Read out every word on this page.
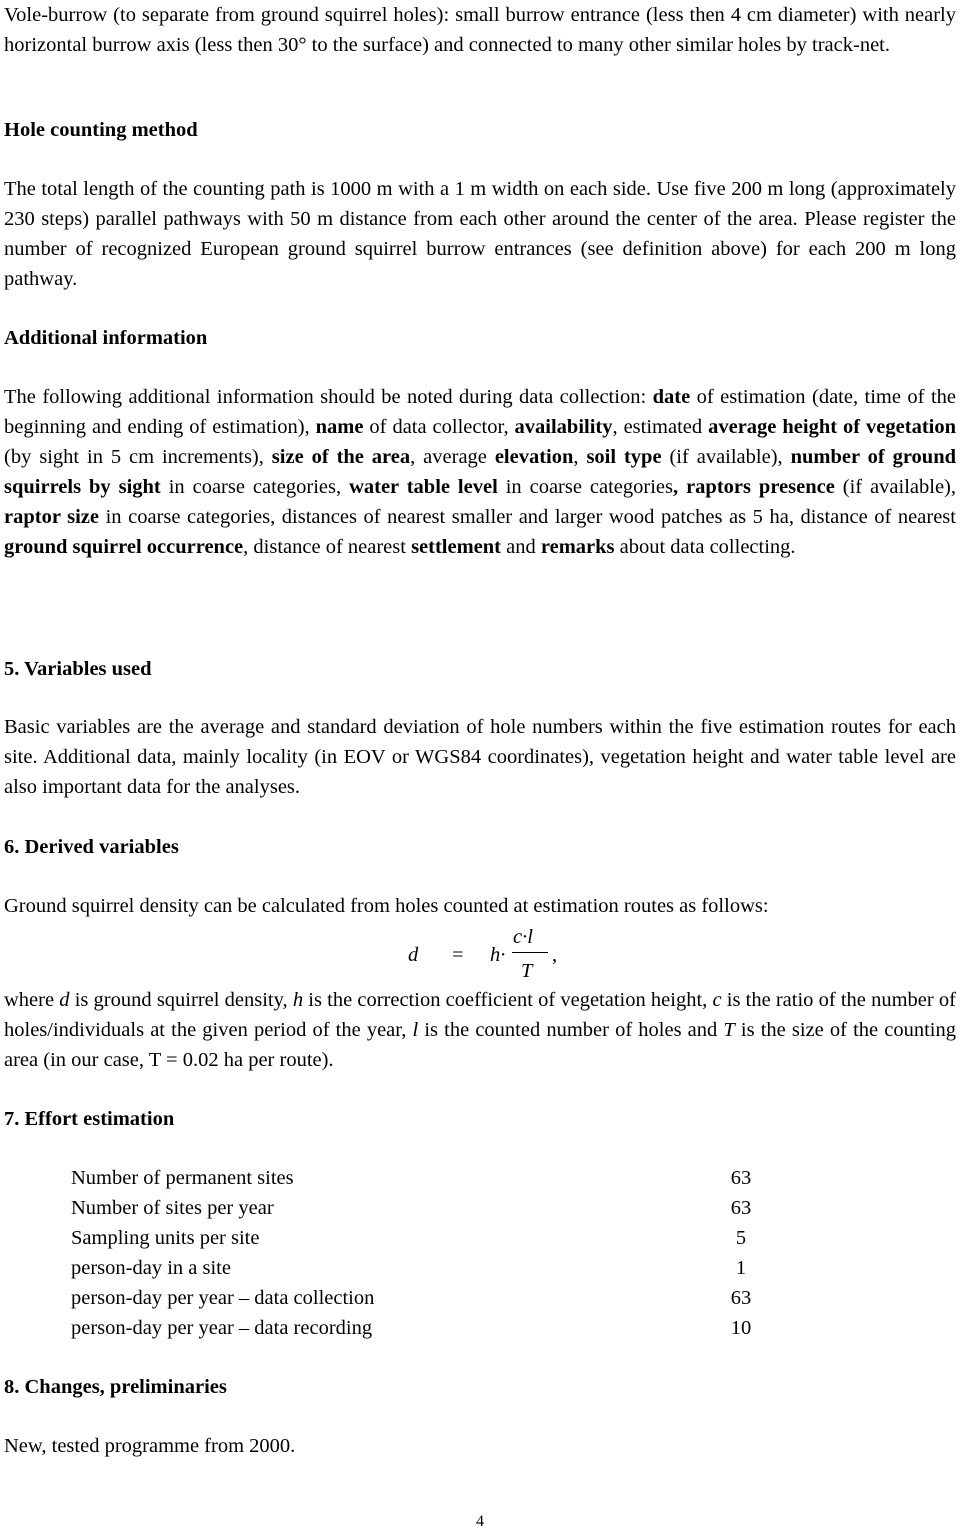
Vole-burrow (to separate from ground squirrel holes): small burrow entrance (less then 4 cm diameter) with nearly horizontal burrow axis (less then 30° to the surface) and connected to many other similar holes by track-net.

Hole counting method

The total length of the counting path is 1000 m with a 1 m width on each side. Use five 200 m long (approximately 230 steps) parallel pathways with 50 m distance from each other around the center of the area. Please register the number of recognized European ground squirrel burrow entrances (see definition above) for each 200 m long pathway.

Additional information

The following additional information should be noted during data collection: date of estimation (date, time of the beginning and ending of estimation), name of data collector, availability, estimated average height of vegetation (by sight in 5 cm increments), size of the area, average elevation, soil type (if available), number of ground squirrels by sight in coarse categories, water table level in coarse categories, raptors presence (if available), raptor size in coarse categories, distances of nearest smaller and larger wood patches as 5 ha, distance of nearest ground squirrel occurrence, distance of nearest settlement and remarks about data collecting.

5. Variables used

Basic variables are the average and standard deviation of hole numbers within the five estimation routes for each site. Additional data, mainly locality (in EOV or WGS84 coordinates), vegetation height and water table level are also important data for the analyses.

6. Derived variables

Ground squirrel density can be calculated from holes counted at estimation routes as follows:

d = h·
c·l
T
,

where d is ground squirrel density, h is the correction coefficient of vegetation height, c is the ratio of the number of holes/individuals at the given period of the year, l is the counted number of holes and T is the size of the counting area (in our case, T = 0.02 ha per route).

7. Effort estimation

Number of permanent sites	63
Number of sites per year	63
Sampling units per site	5
person-day in a site	1
person-day per year – data collection	63
person-day per year – data recording	10

8. Changes, preliminaries

New, tested programme from 2000.

4
